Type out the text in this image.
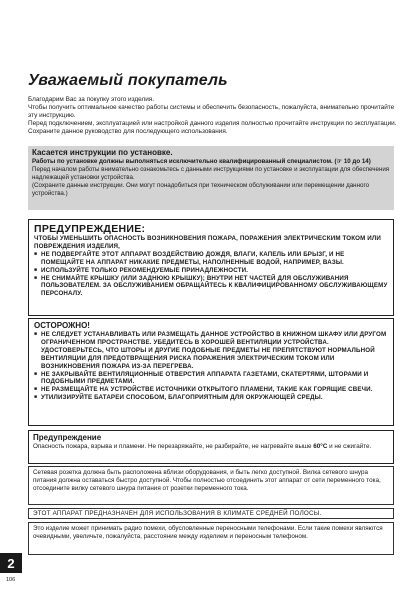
Уважаемый покупатель
Благодарим Вас за покупку этого изделия.
Чтобы получить оптимальное качество работы системы и обеспечить безопасность, пожалуйста, внимательно прочитайте эту инструкцию.
Перед подключением, эксплуатацией или настройкой данного изделия полностью прочитайте инструкции по эксплуатации.
Сохраните данное руководство для последующего использования.
Касается инструкции по установке.
Работы по установке должны выполняться исключительно квалифицированный специалистом. (☞ 10 до 14)
Перед началом работы внимательно ознакомьтесь с данными инструкциями по установке и эксплуатации для обеспечения надлежащей установки устройства.
(Сохраните данные инструкции. Они могут понадобиться при техническом обслуживании или перемещении данного устройства.)
ПРЕДУПРЕЖДЕНИЕ:
ЧТОБЫ УМЕНЬШИТЬ ОПАСНОСТЬ ВОЗНИКНОВЕНИЯ ПОЖАРА, ПОРАЖЕНИЯ ЭЛЕКТРИЧЕСКИМ ТОКОМ ИЛИ ПОВРЕЖДЕНИЯ ИЗДЕЛИЯ,
■ НЕ ПОДВЕРГАЙТЕ ЭТОТ АППАРАТ ВОЗДЕЙСТВИЮ ДОЖДЯ, ВЛАГИ, КАПЕЛЬ ИЛИ БРЫЗГ, И НЕ ПОМЕЩАЙТЕ НА АППАРАТ НИКАКИЕ ПРЕДМЕТЫ, НАПОЛНЕННЫЕ ВОДОЙ, НАПРИМЕР, ВАЗЫ.
■ ИСПОЛЬЗУЙТЕ ТОЛЬКО РЕКОМЕНДУЕМЫЕ ПРИНАДЛЕЖНОСТИ.
■ НЕ СНИМАЙТЕ КРЫШКУ (ИЛИ ЗАДНЮЮ КРЫШКУ); ВНУТРИ НЕТ ЧАСТЕЙ ДЛЯ ОБСЛУЖИВАНИЯ ПОЛЬЗОВАТЕЛЕМ. ЗА ОБСЛУЖИВАНИЕМ ОБРАЩАЙТЕСЬ К КВАЛИФИЦИРОВАННОМУ ОБСЛУЖИВАЮЩЕМУ ПЕРСОНАЛУ.
ОСТОРОЖНО!
■ НЕ СЛЕДУЕТ УСТАНАВЛИВАТЬ ИЛИ РАЗМЕЩАТЬ ДАННОЕ УСТРОЙСТВО В КНИЖНОМ ШКАФУ ИЛИ ДРУГОМ ОГРАНИЧЕННОМ ПРОСТРАНСТВЕ. УБЕДИТЕСЬ В ХОРОШЕЙ ВЕНТИЛЯЦИИ УСТРОЙСТВА. УДОСТОВЕРЬТЕСЬ, ЧТО ШТОРЫ И ДРУГИЕ ПОДОБНЫЕ ПРЕДМЕТЫ НЕ ПРЕПЯТСТВУЮТ НОРМАЛЬНОЙ ВЕНТИЛЯЦИИ ДЛЯ ПРЕДОТВРАЩЕНИЯ РИСКА ПОРАЖЕНИЯ ЭЛЕКТРИЧЕСКИМ ТОКОМ ИЛИ ВОЗНИКНОВЕНИЯ ПОЖАРА ИЗ-ЗА ПЕРЕГРЕВА.
■ НЕ ЗАКРЫВАЙТЕ ВЕНТИЛЯЦИОННЫЕ ОТВЕРСТИЯ АППАРАТА ГАЗЕТАМИ, СКАТЕРТЯМИ, ШТОРАМИ И ПОДОБНЫМИ ПРЕДМЕТАМИ.
■ НЕ РАЗМЕЩАЙТЕ НА УСТРОЙСТВЕ ИСТОЧНИКИ ОТКРЫТОГО ПЛАМЕНИ, ТАКИЕ КАК ГОРЯЩИЕ СВЕЧИ.
■ УТИЛИЗИРУЙТЕ БАТАРЕИ СПОСОБОМ, БЛАГОПРИЯТНЫМ ДЛЯ ОКРУЖАЮЩЕЙ СРЕДЫ.
Предупреждение
Опасность пожара, взрыва и пламени. Не перезаряжайте, не разбирайте, не нагревайте выше 60°C и не сжигайте.
Сетевая розетка должна быть расположена вблизи оборудования, и быть легко доступной. Вилка сетевого шнура питания должна оставаться быстро доступной. Чтобы полностью отсоединить этот аппарат от сети переменного тока, отсоедините вилку сетевого шнура питания от розетки переменного тока.
ЭТОТ АППАРАТ ПРЕДНАЗНАЧЕН ДЛЯ ИСПОЛЬЗОВАНИЯ В КЛИМАТЕ СРЕДНЕЙ ПОЛОСЫ.
Это изделие может принимать радио помехи, обусловленные переносными телефонами. Если такие помехи являются очевидными, увеличьте, пожалуйста, расстояние между изделием и переносным телефоном.
2
106
